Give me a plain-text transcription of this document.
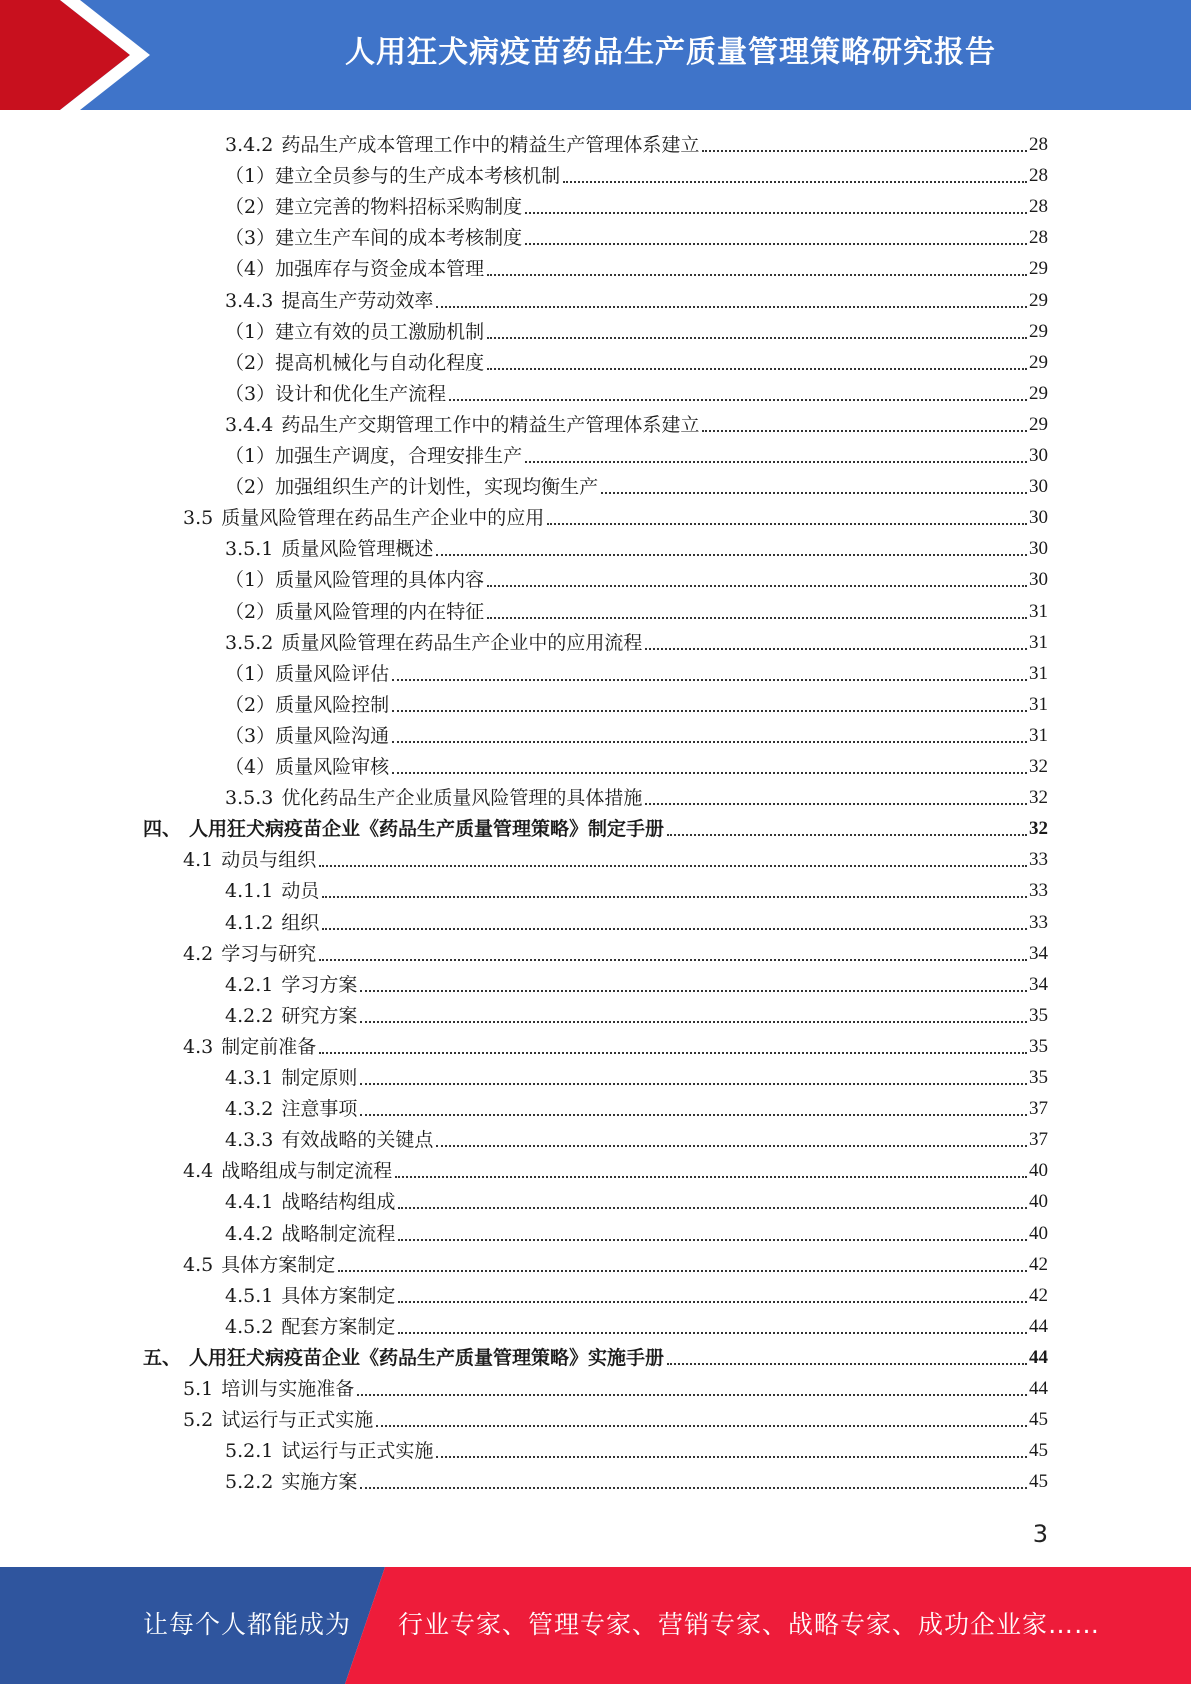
人用狂犬病疫苗药品生产质量管理策略研究报告
3.4.2 药品生产成本管理工作中的精益生产管理体系建立	28
（1） 建立全员参与的生产成本考核机制	28
（2） 建立完善的物料招标采购制度	28
（3） 建立生产车间的成本考核制度	28
（4） 加强库存与资金成本管理	29
3.4.3 提高生产劳动效率	29
（1） 建立有效的员工激励机制	29
（2） 提高机械化与自动化程度	29
（3） 设计和优化生产流程	29
3.4.4 药品生产交期管理工作中的精益生产管理体系建立	29
（1） 加强生产调度，合理安排生产	30
（2） 加强组织生产的计划性，实现均衡生产	30
3.5 质量风险管理在药品生产企业中的应用	30
3.5.1 质量风险管理概述	30
（1） 质量风险管理的具体内容	30
（2） 质量风险管理的内在特征	31
3.5.2 质量风险管理在药品生产企业中的应用流程	31
（1） 质量风险评估	31
（2） 质量风险控制	31
（3） 质量风险沟通	31
（4） 质量风险审核	32
3.5.3 优化药品生产企业质量风险管理的具体措施	32
四、 人用狂犬病疫苗企业《药品生产质量管理策略》制定手册	32
4.1 动员与组织	33
4.1.1 动员	33
4.1.2 组织	33
4.2 学习与研究	34
4.2.1 学习方案	34
4.2.2 研究方案	35
4.3 制定前准备	35
4.3.1 制定原则	35
4.3.2 注意事项	37
4.3.3 有效战略的关键点	37
4.4 战略组成与制定流程	40
4.4.1 战略结构组成	40
4.4.2 战略制定流程	40
4.5 具体方案制定	42
4.5.1 具体方案制定	42
4.5.2 配套方案制定	44
五、 人用狂犬病疫苗企业《药品生产质量管理策略》实施手册	44
5.1 培训与实施准备	44
5.2 试运行与正式实施	45
5.2.1 试运行与正式实施	45
5.2.2 实施方案	45
3
让每个人都能成为 行业专家、管理专家、营销专家、战略专家、成功企业家……
